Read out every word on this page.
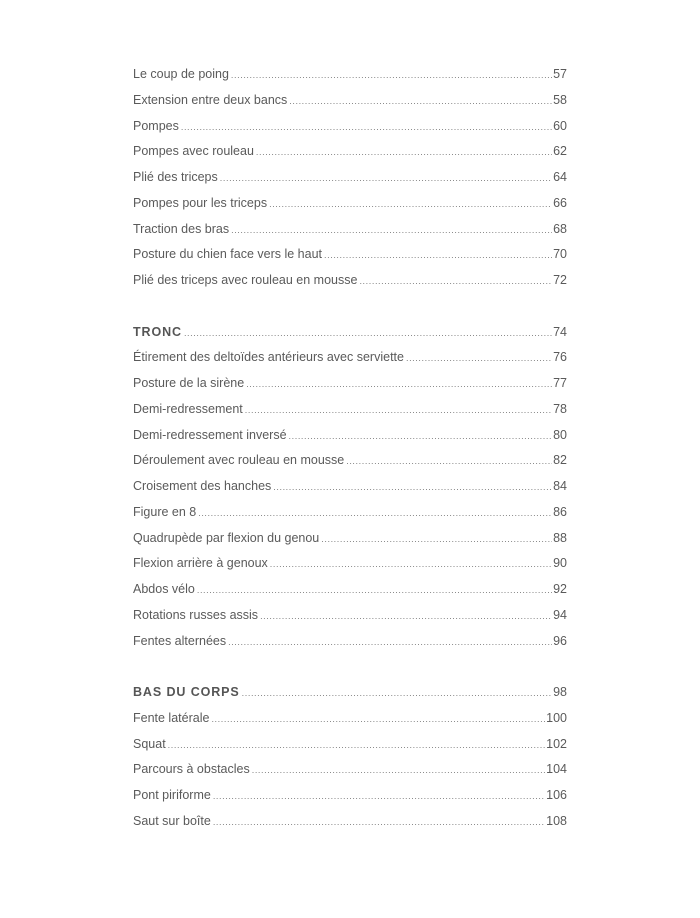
Le coup de poing .....	57
Extension entre deux bancs .....	58
Pompes .....	60
Pompes avec rouleau .....	62
Plié des triceps .....	64
Pompes pour les triceps .....	66
Traction des bras .....	68
Posture du chien face vers le haut .....	70
Plié des triceps avec rouleau en mousse .....	72
TRONC .....	74
Étirement des deltoïdes antérieurs avec serviette .....	76
Posture de la sirène .....	77
Demi-redressement .....	78
Demi-redressement inversé .....	80
Déroulement avec rouleau en mousse .....	82
Croisement des hanches .....	84
Figure en 8 .....	86
Quadrupède par flexion du genou .....	88
Flexion arrière à genoux .....	90
Abdos vélo .....	92
Rotations russes assis .....	94
Fentes alternées .....	96
BAS DU CORPS .....	98
Fente latérale .....	100
Squat .....	102
Parcours à obstacles .....	104
Pont piriforme .....	106
Saut sur boîte .....	108
